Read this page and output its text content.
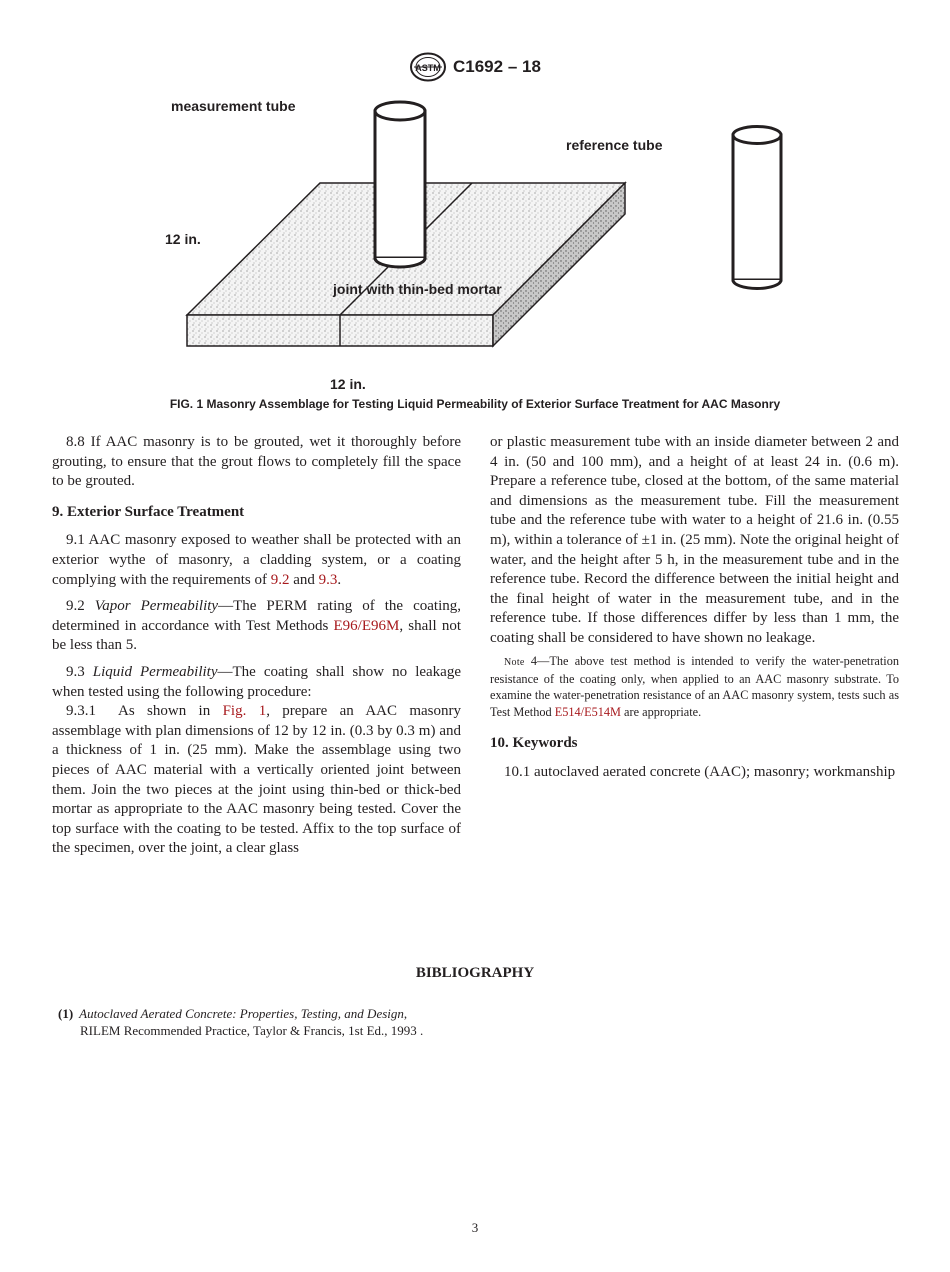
ASTM C1692 – 18
measurement tube
reference tube
12 in.
joint with thin-bed mortar
12 in.
FIG. 1 Masonry Assemblage for Testing Liquid Permeability of Exterior Surface Treatment for AAC Masonry

8.8 If AAC masonry is to be grouted, wet it thoroughly before grouting, to ensure that the grout flows to completely fill the space to be grouted.

9. Exterior Surface Treatment

9.1 AAC masonry exposed to weather shall be protected with an exterior wythe of masonry, a cladding system, or a coating complying with the requirements of 9.2 and 9.3.

9.2 Vapor Permeability—The PERM rating of the coating, determined in accordance with Test Methods E96/E96M, shall not be less than 5.

9.3 Liquid Permeability—The coating shall show no leakage when tested using the following procedure:

9.3.1 As shown in Fig. 1, prepare an AAC masonry assemblage with plan dimensions of 12 by 12 in. (0.3 by 0.3 m) and a thickness of 1 in. (25 mm). Make the assemblage using two pieces of AAC material with a vertically oriented joint between them. Join the two pieces at the joint using thin-bed or thick-bed mortar as appropriate to the AAC masonry being tested. Cover the top surface with the coating to be tested. Affix to the top surface of the specimen, over the joint, a clear glass

or plastic measurement tube with an inside diameter between 2 and 4 in. (50 and 100 mm), and a height of at least 24 in. (0.6 m). Prepare a reference tube, closed at the bottom, of the same material and dimensions as the measurement tube. Fill the measurement tube and the reference tube with water to a height of 21.6 in. (0.55 m), within a tolerance of ±1 in. (25 mm). Note the original height of water, and the height after 5 h, in the measurement tube and in the reference tube. Record the difference between the initial height and the final height of water in the measurement tube, and in the reference tube. If those differences differ by less than 1 mm, the coating shall be considered to have shown no leakage.

Note 4—The above test method is intended to verify the water-penetration resistance of the coating only, when applied to an AAC masonry substrate. To examine the water-penetration resistance of an AAC masonry system, tests such as Test Method E514/E514M are appropriate.

10. Keywords

10.1 autoclaved aerated concrete (AAC); masonry; workmanship

BIBLIOGRAPHY
(1) Autoclaved Aerated Concrete: Properties, Testing, and Design,
RILEM Recommended Practice, Taylor & Francis, 1st Ed., 1993 .
3
